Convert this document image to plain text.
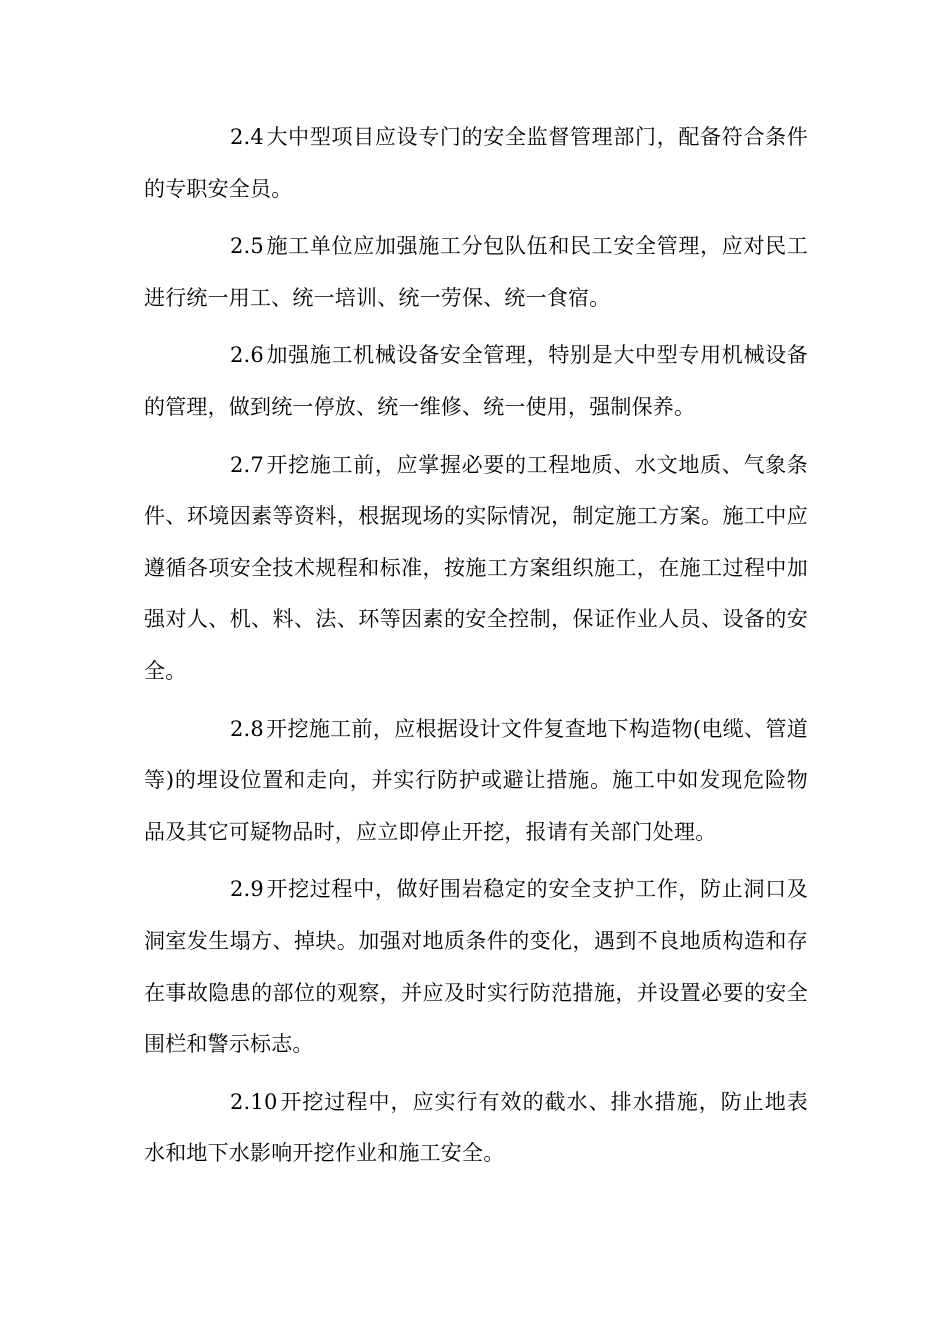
2.4大中型项目应设专门的安全监督管理部门，配备符合条件的专职安全员。

2.5施工单位应加强施工分包队伍和民工安全管理，应对民工进行统一用工、统一培训、统一劳保、统一食宿。

2.6加强施工机械设备安全管理，特别是大中型专用机械设备的管理，做到统一停放、统一维修、统一使用，强制保养。

2.7开挖施工前，应掌握必要的工程地质、水文地质、气象条件、环境因素等资料，根据现场的实际情况，制定施工方案。施工中应遵循各项安全技术规程和标准，按施工方案组织施工，在施工过程中加强对人、机、料、法、环等因素的安全控制，保证作业人员、设备的安全。

2.8开挖施工前，应根据设计文件复查地下构造物(电缆、管道等)的埋设位置和走向，并实行防护或避让措施。施工中如发现危险物品及其它可疑物品时，应立即停止开挖，报请有关部门处理。

2.9开挖过程中，做好围岩稳定的安全支护工作，防止洞口及洞室发生塌方、掉块。加强对地质条件的变化，遇到不良地质构造和存在事故隐患的部位的观察，并应及时实行防范措施，并设置必要的安全围栏和警示标志。

2.10开挖过程中，应实行有效的截水、排水措施，防止地表水和地下水影响开挖作业和施工安全。
